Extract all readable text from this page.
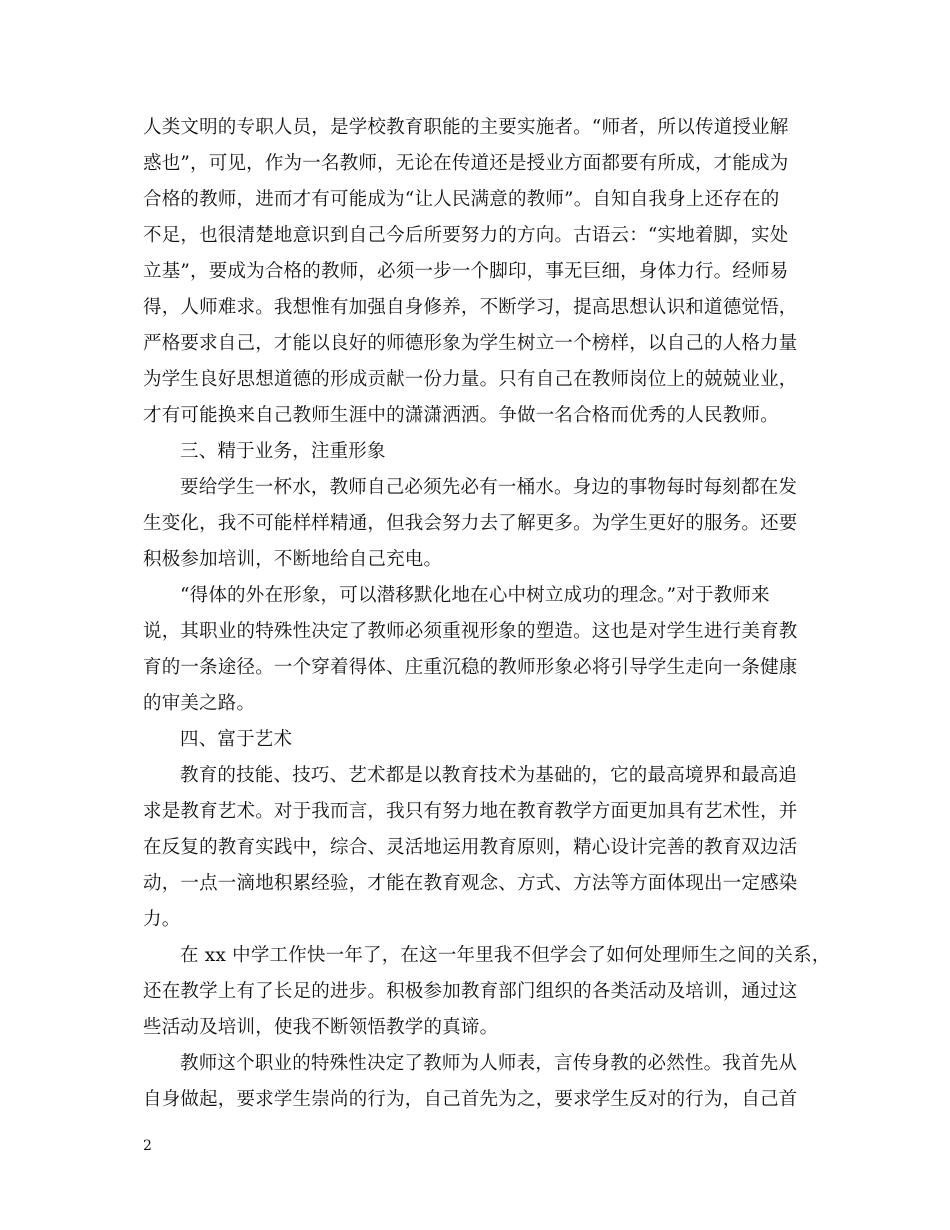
人类文明的专职人员，是学校教育职能的主要实施者。“师者，所以传道授业解
惑也”，可见，作为一名教师，无论在传道还是授业方面都要有所成，才能成为
合格的教师，进而才有可能成为“让人民满意的教师”。自知自我身上还存在的
不足，也很清楚地意识到自己今后所要努力的方向。古语云：“实地着脚，实处
立基”，要成为合格的教师，必须一步一个脚印，事无巨细，身体力行。经师易
得，人师难求。我想惟有加强自身修养，不断学习，提高思想认识和道德觉悟，
严格要求自己，才能以良好的师德形象为学生树立一个榜样，以自己的人格力量
为学生良好思想道德的形成贡献一份力量。只有自己在教师岗位上的兢兢业业，
才有可能换来自己教师生涯中的潇潇洒洒。争做一名合格而优秀的人民教师。
三、精于业务，注重形象
要给学生一杯水，教师自己必须先必有一桶水。身边的事物每时每刻都在发
生变化，我不可能样样精通，但我会努力去了解更多。为学生更好的服务。还要
积极参加培训，不断地给自己充电。
“得体的外在形象，可以潜移默化地在心中树立成功的理念。”对于教师来
说，其职业的特殊性决定了教师必须重视形象的塑造。这也是对学生进行美育教
育的一条途径。一个穿着得体、庄重沉稳的教师形象必将引导学生走向一条健康
的审美之路。
四、富于艺术
教育的技能、技巧、艺术都是以教育技术为基础的，它的最高境界和最高追
求是教育艺术。对于我而言，我只有努力地在教育教学方面更加具有艺术性，并
在反复的教育实践中，综合、灵活地运用教育原则，精心设计完善的教育双边活
动，一点一滴地积累经验，才能在教育观念、方式、方法等方面体现出一定感染
力。
在 xx 中学工作快一年了，在这一年里我不但学会了如何处理师生之间的关系，
还在教学上有了长足的进步。积极参加教育部门组织的各类活动及培训，通过这
些活动及培训，使我不断领悟教学的真谛。
教师这个职业的特殊性决定了教师为人师表，言传身教的必然性。我首先从
自身做起，要求学生崇尚的行为，自己首先为之，要求学生反对的行为，自己首
2
